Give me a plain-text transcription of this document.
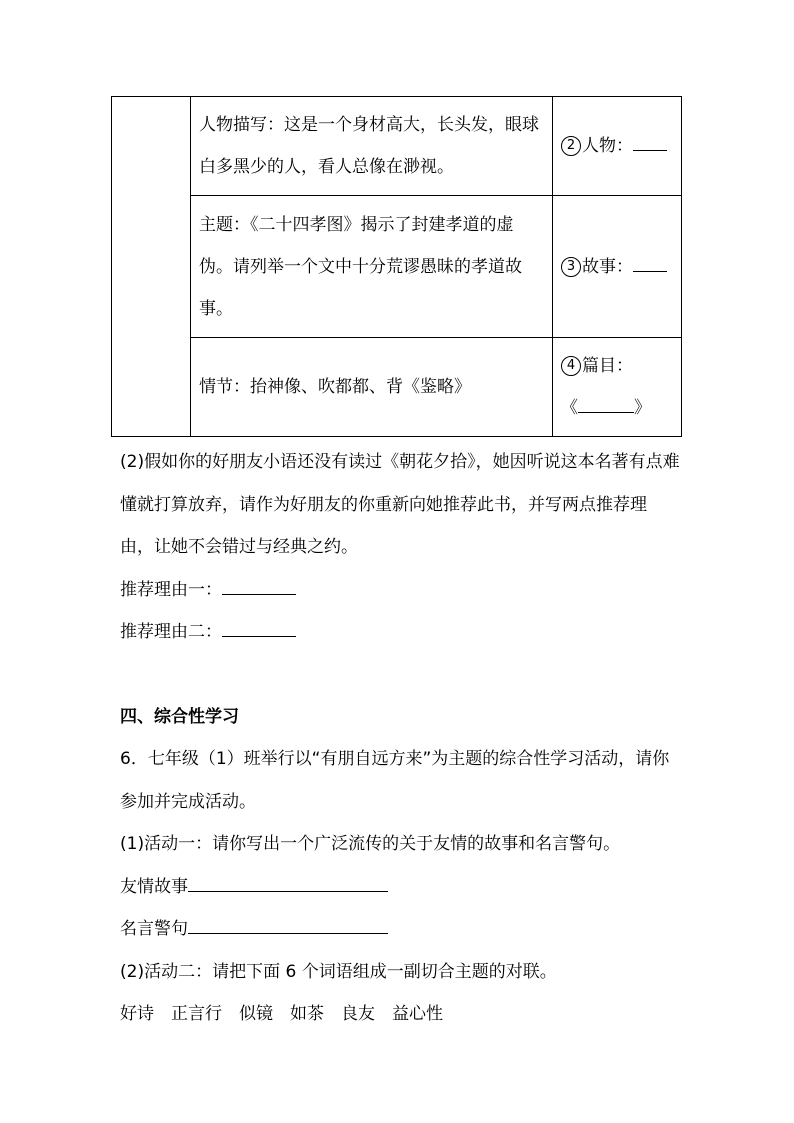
	人物描写：这是一个身材高大，长头发，眼球白多黑少的人，看人总像在渺视。	2 人物：
	主题：《二十四孝图》揭示了封建孝道的虚伪。请列举一个文中十分荒谬愚昧的孝道故事。	3 故事：
	情节：抬神像、吹都都、背《鉴略》	4 篇目：
《 》

(2)假如你的好朋友小语还没有读过《朝花夕拾》，她因听说这本名著有点难懂就打算放弃，请作为好朋友的你重新向她推荐此书，并写两点推荐理由，让她不会错过与经典之约。

推荐理由一：

推荐理由二：

四、综合性学习

6．七年级（1）班举行以“有朋自远方来”为主题的综合性学习活动，请你参加并完成活动。

(1)活动一：请你写出一个广泛流传的关于友情的故事和名言警句。

友情故事

名言警句

(2)活动二：请把下面 6 个词语组成一副切合主题的对联。

好诗　正言行　似镜　如茶　良友　益心性
